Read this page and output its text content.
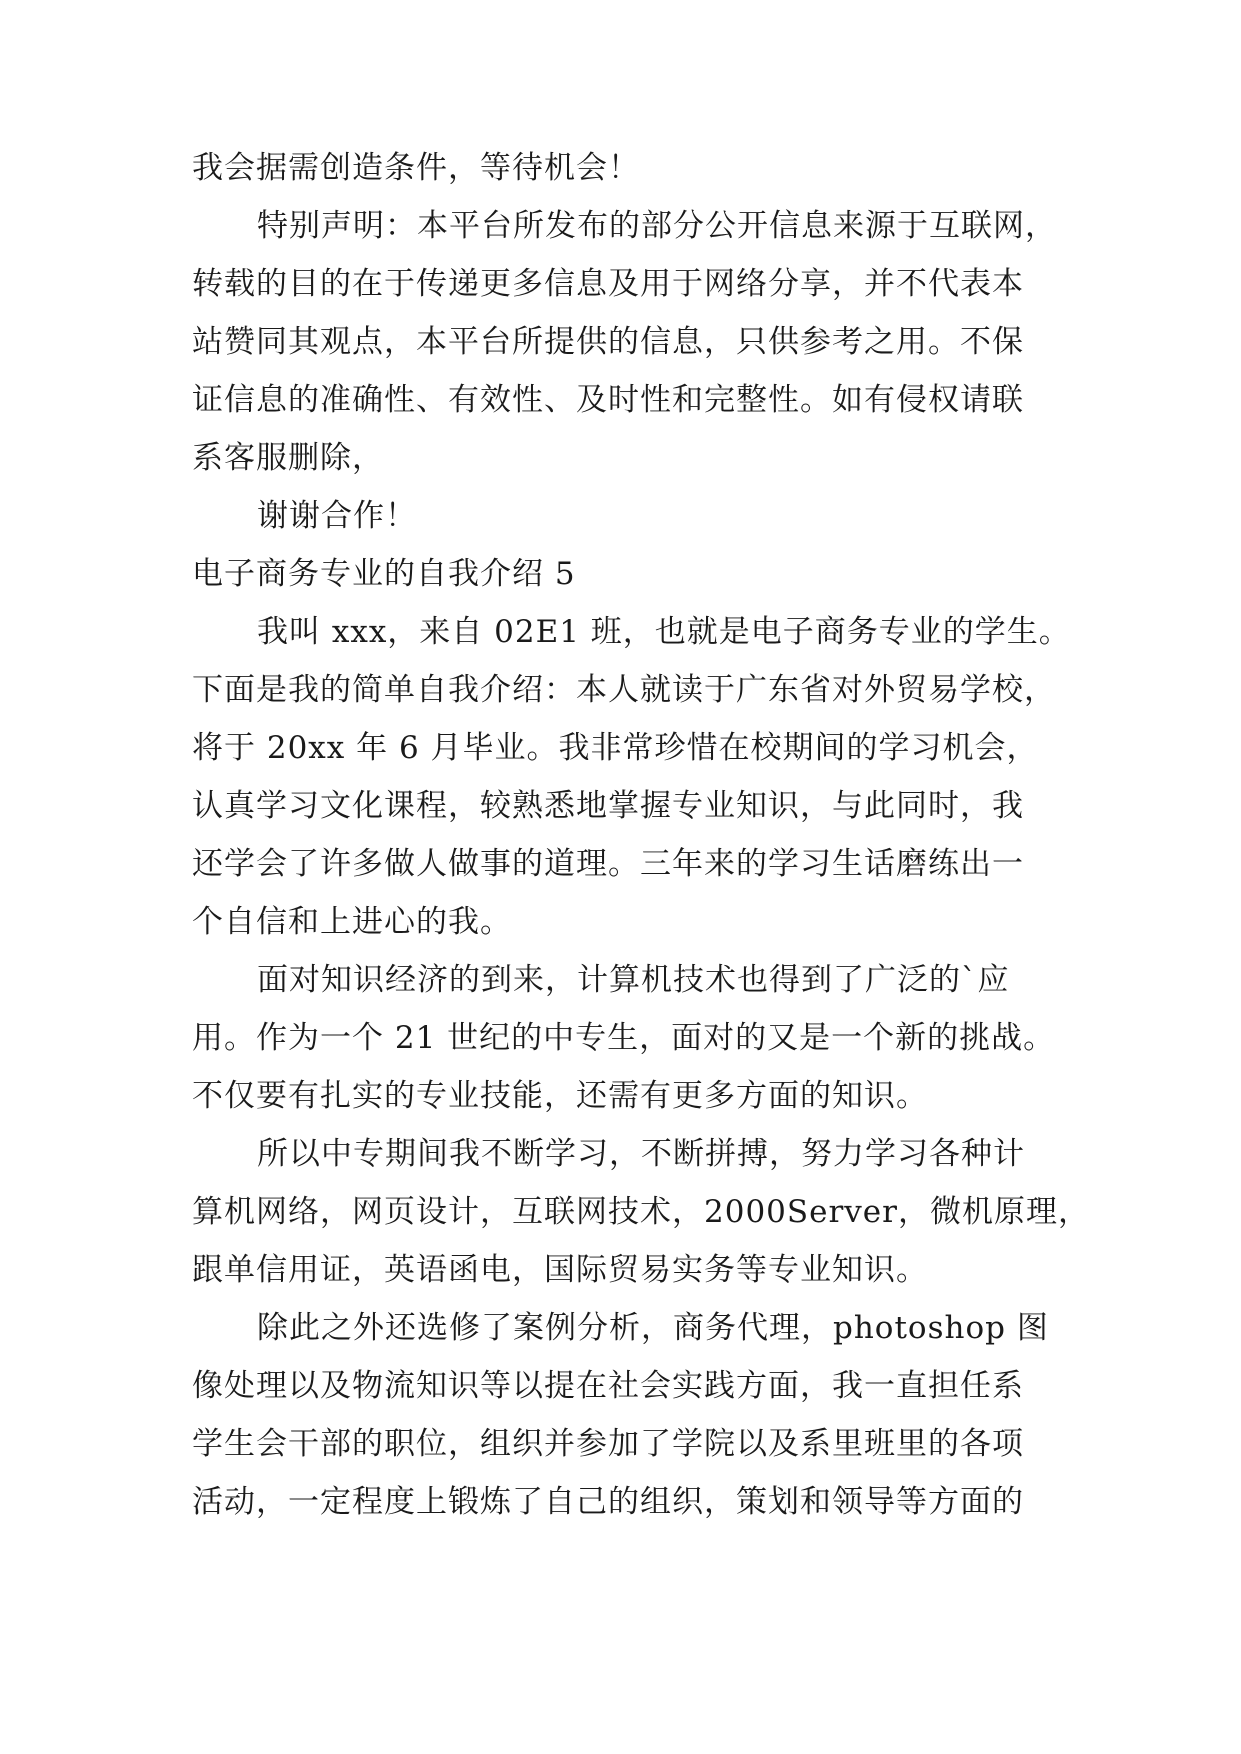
我会据需创造条件，等待机会！
特别声明：本平台所发布的部分公开信息来源于互联网，
转载的目的在于传递更多信息及用于网络分享，并不代表本
站赞同其观点，本平台所提供的信息，只供参考之用。不保
证信息的准确性、有效性、及时性和完整性。如有侵权请联
系客服删除，
谢谢合作！
电子商务专业的自我介绍 5
我叫 xxx，来自 02E1 班，也就是电子商务专业的学生。
下面是我的简单自我介绍：本人就读于广东省对外贸易学校，
将于 20xx 年 6 月毕业。我非常珍惜在校期间的学习机会，
认真学习文化课程，较熟悉地掌握专业知识，与此同时，我
还学会了许多做人做事的道理。三年来的学习生话磨练出一
个自信和上进心的我。
面对知识经济的到来，计算机技术也得到了广泛的`应
用。作为一个 21 世纪的中专生，面对的又是一个新的挑战。
不仅要有扎实的专业技能，还需有更多方面的知识。
所以中专期间我不断学习，不断拼搏，努力学习各种计
算机网络，网页设计，互联网技术，2000Server，微机原理，
跟单信用证，英语函电，国际贸易实务等专业知识。
除此之外还选修了案例分析，商务代理，photoshop 图
像处理以及物流知识等以提在社会实践方面，我一直担任系
学生会干部的职位，组织并参加了学院以及系里班里的各项
活动，一定程度上锻炼了自己的组织，策划和领导等方面的
